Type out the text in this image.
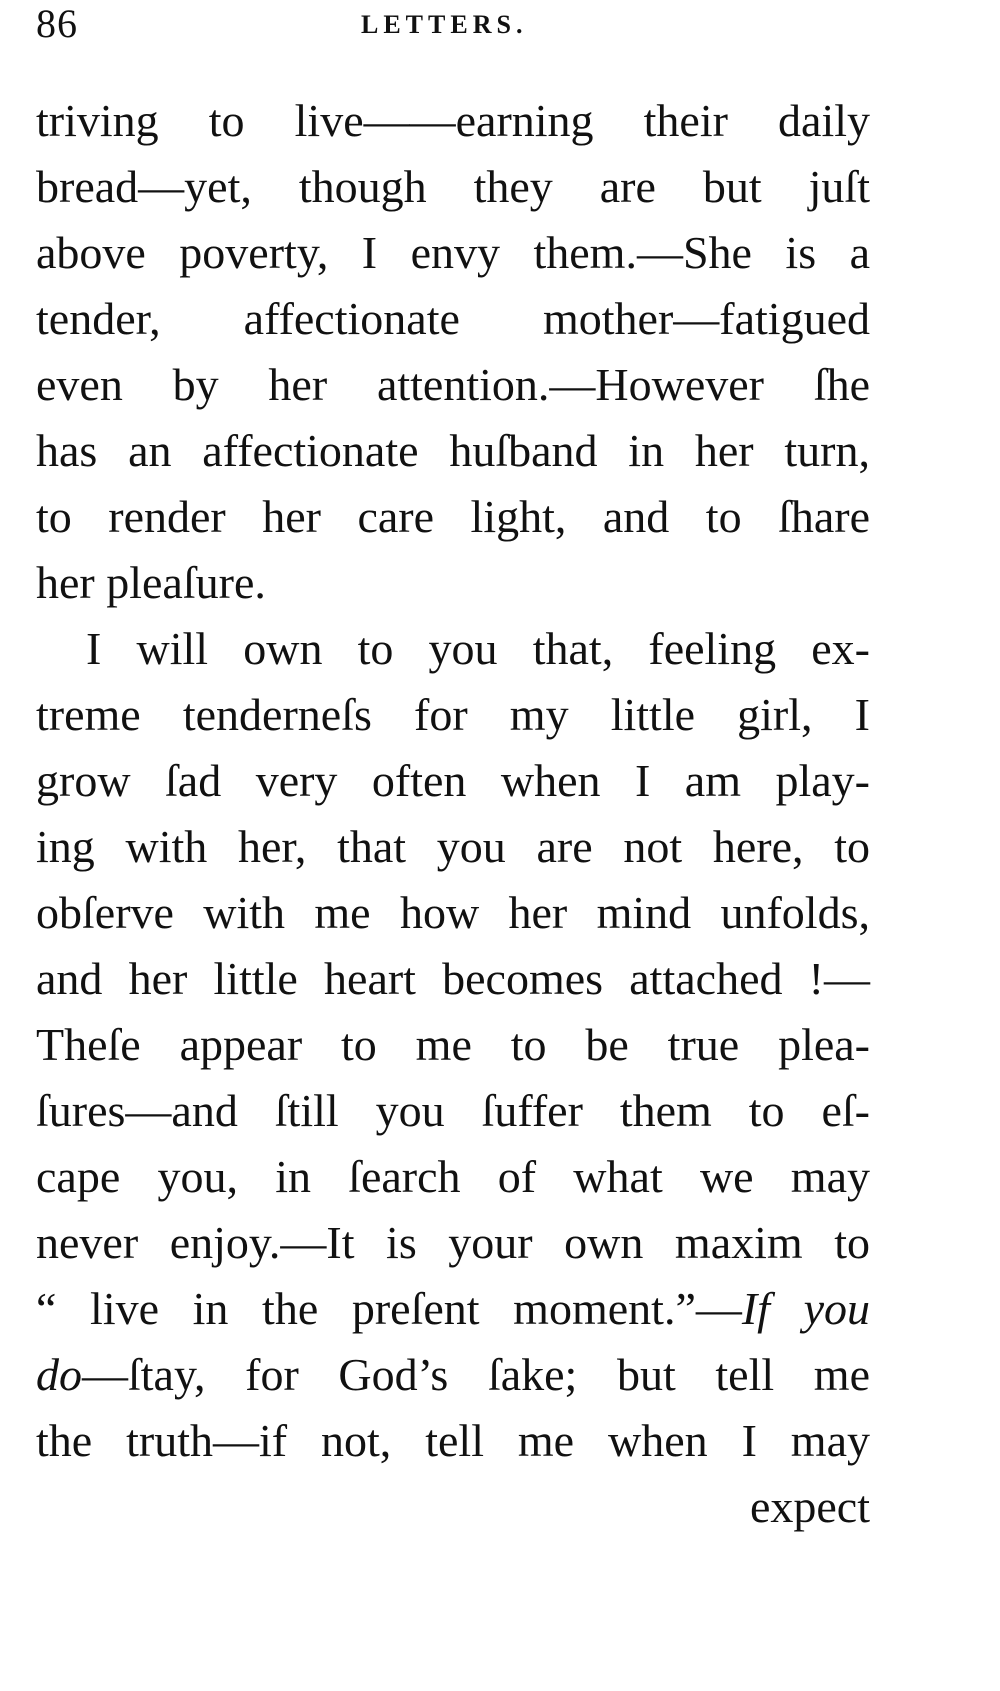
86	LETTERS.
triving to live——earning their daily
bread—yet, though they are but juſt
above poverty, I envy them.—She is a
tender, affectionate mother—fatigued
even by her attention.—However ſhe
has an affectionate huſband in her turn,
to render her care light, and to ſhare
her pleaſure.
I will own to you that, feeling ex-
treme tenderneſs for my little girl, I
grow ſad very often when I am play-
ing with her, that you are not here, to
obſerve with me how her mind unfolds,
and her little heart becomes attached !—
Theſe appear to me to be true plea-
ſures—and ſtill you ſuffer them to eſ-
cape you, in ſearch of what we may
never enjoy.—It is your own maxim to
“ live in the preſent moment.”—If you
do—ſtay, for God’s ſake; but tell me
the truth—if not, tell me when I may
expect
